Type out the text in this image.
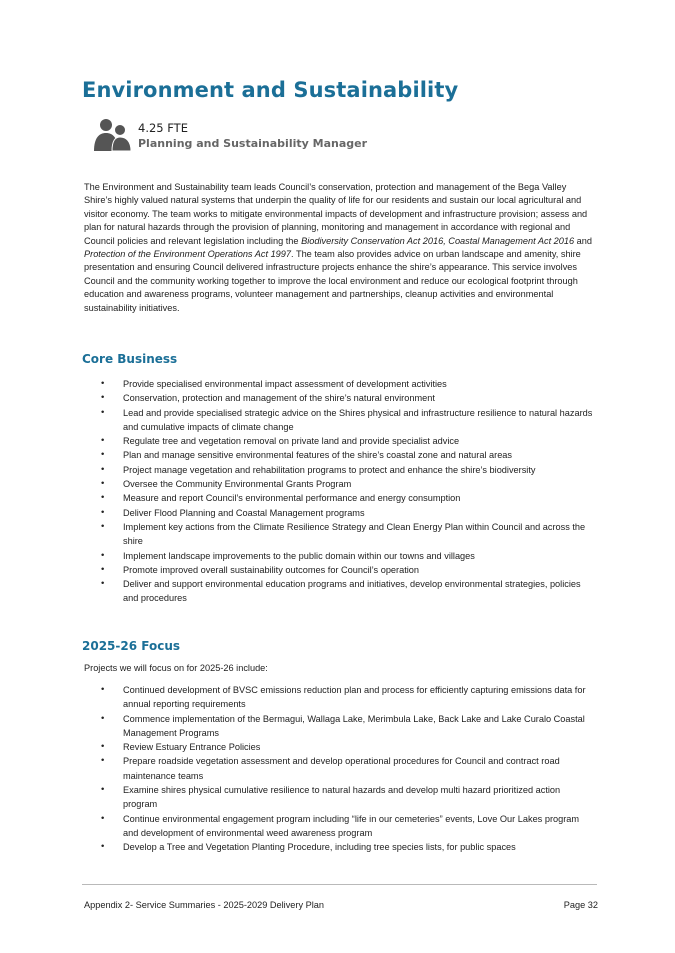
Environment and Sustainability
4.25 FTE
Planning and Sustainability Manager

The Environment and Sustainability team leads Council’s conservation, protection and management of the Bega Valley Shire’s highly valued natural systems that underpin the quality of life for our residents and sustain our local agricultural and visitor economy. The team works to mitigate environmental impacts of development and infrastructure provision; assess and plan for natural hazards through the provision of planning, monitoring and management in accordance with regional and Council policies and relevant legislation including the Biodiversity Conservation Act 2016, Coastal Management Act 2016 and Protection of the Environment Operations Act 1997. The team also provides advice on urban landscape and amenity, shire presentation and ensuring Council delivered infrastructure projects enhance the shire’s appearance. This service involves Council and the community working together to improve the local environment and reduce our ecological footprint through education and awareness programs, volunteer management and partnerships, cleanup activities and environmental sustainability initiatives.

Core Business
• Provide specialised environmental impact assessment of development activities
• Conservation, protection and management of the shire’s natural environment
• Lead and provide specialised strategic advice on the Shires physical and infrastructure resilience to natural hazards and cumulative impacts of climate change
• Regulate tree and vegetation removal on private land and provide specialist advice
• Plan and manage sensitive environmental features of the shire’s coastal zone and natural areas
• Project manage vegetation and rehabilitation programs to protect and enhance the shire’s biodiversity
• Oversee the Community Environmental Grants Program
• Measure and report Council’s environmental performance and energy consumption
• Deliver Flood Planning and Coastal Management programs
• Implement key actions from the Climate Resilience Strategy and Clean Energy Plan within Council and across the shire
• Implement landscape improvements to the public domain within our towns and villages
• Promote improved overall sustainability outcomes for Council’s operation
• Deliver and support environmental education programs and initiatives, develop environmental strategies, policies and procedures
2025-26 Focus

Projects we will focus on for 2025-26 include:

• Continued development of BVSC emissions reduction plan and process for efficiently capturing emissions data for annual reporting requirements
• Commence implementation of the Bermagui, Wallaga Lake, Merimbula Lake, Back Lake and Lake Curalo Coastal Management Programs
• Review Estuary Entrance Policies
• Prepare roadside vegetation assessment and develop operational procedures for Council and contract road maintenance teams
• Examine shires physical cumulative resilience to natural hazards and develop multi hazard prioritized action program
• Continue environmental engagement program including “life in our cemeteries” events, Love Our Lakes program and development of environmental weed awareness program
• Develop a Tree and Vegetation Planting Procedure, including tree species lists, for public spaces
Appendix 2- Service Summaries - 2025-2029 Delivery Plan	Page 32
